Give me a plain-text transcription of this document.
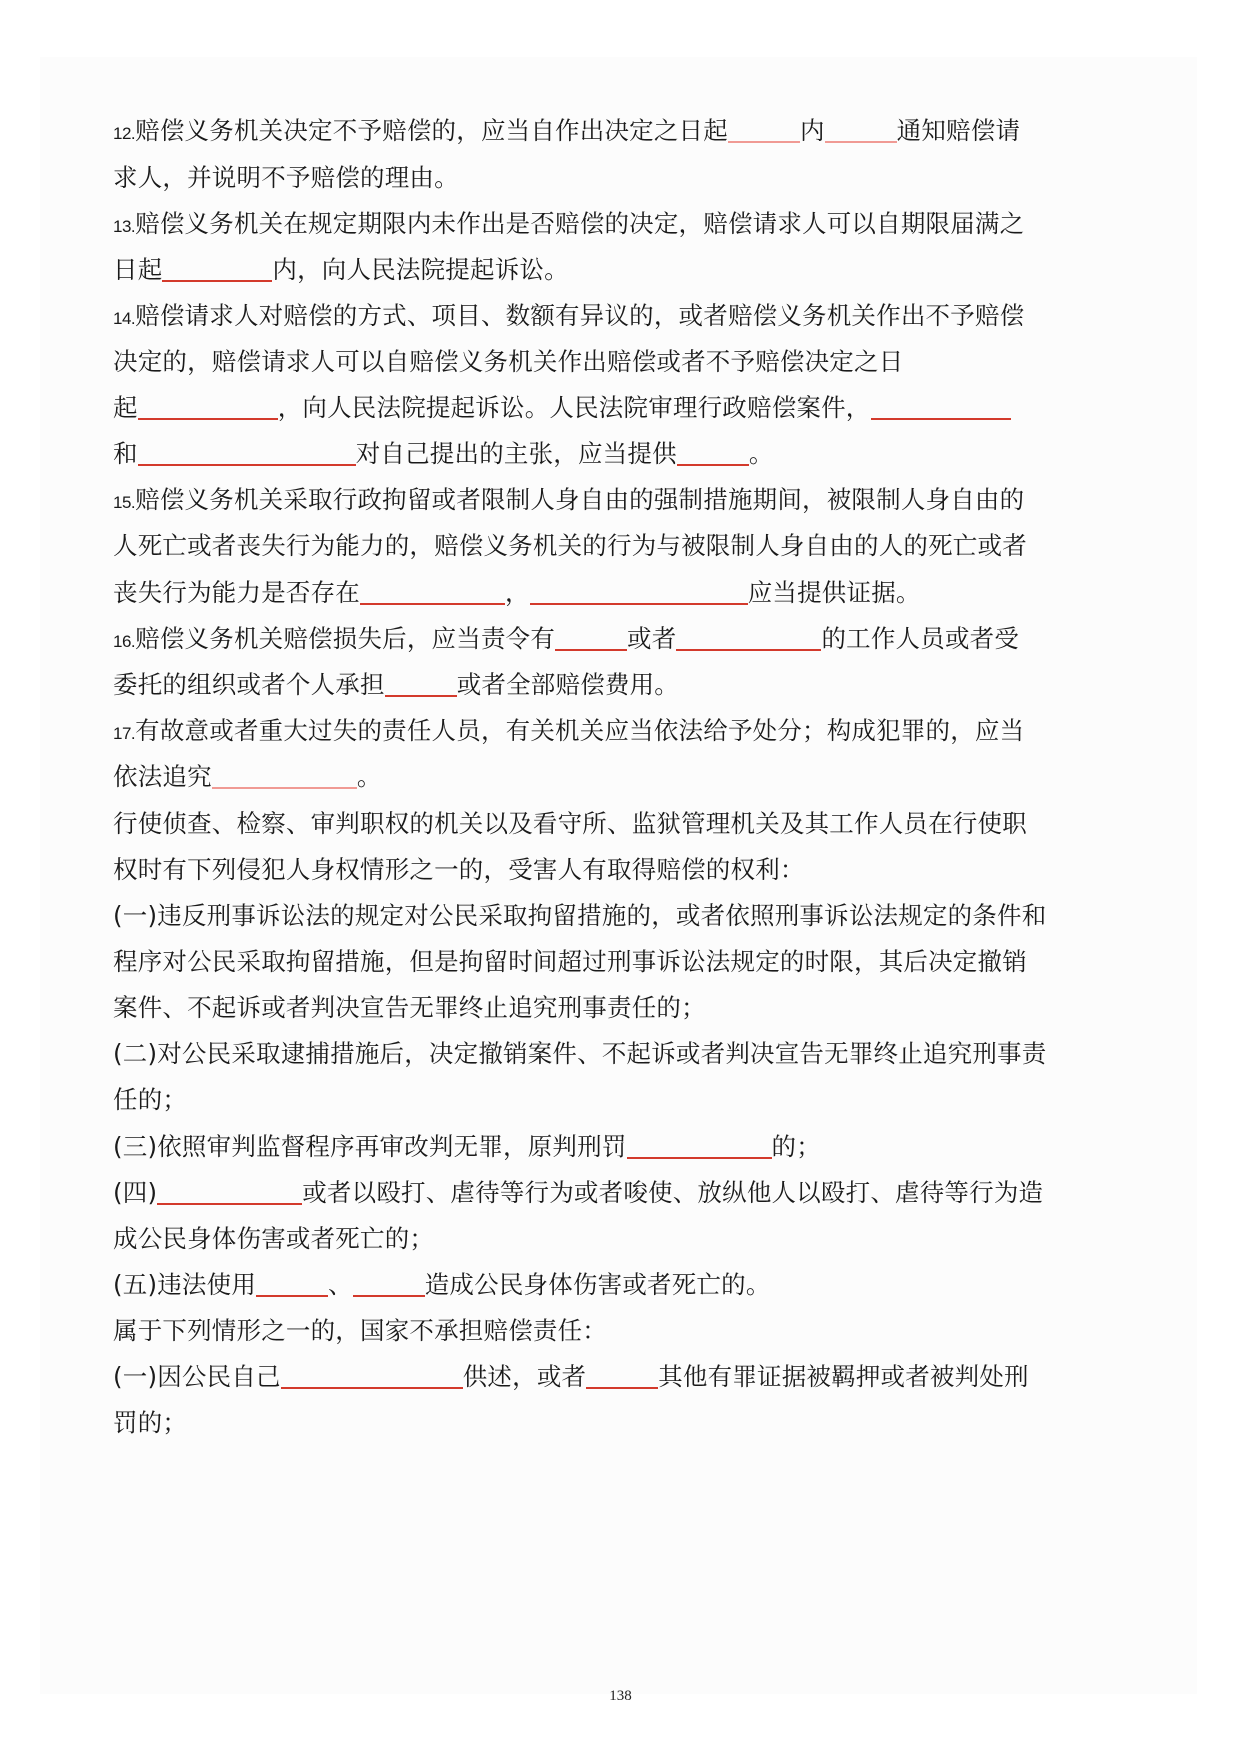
12.赔偿义务机关决定不予赔偿的，应当自作出决定之日起	内	通知赔偿请
求人，并说明不予赔偿的理由。
13.赔偿义务机关在规定期限内未作出是否赔偿的决定，赔偿请求人可以自期限届满之
日起	内，向人民法院提起诉讼。
14.赔偿请求人对赔偿的方式、项目、数额有异议的，或者赔偿义务机关作出不予赔偿
决定的，赔偿请求人可以自赔偿义务机关作出赔偿或者不予赔偿决定之日
起	，向人民法院提起诉讼。人民法院审理行政赔偿案件，
和	对自己提出的主张，应当提供	。
15.赔偿义务机关采取行政拘留或者限制人身自由的强制措施期间，被限制人身自由的
人死亡或者丧失行为能力的，赔偿义务机关的行为与被限制人身自由的人的死亡或者
丧失行为能力是否存在	，	应当提供证据。
16.赔偿义务机关赔偿损失后，应当责令有	或者	的工作人员或者受
委托的组织或者个人承担	或者全部赔偿费用。
17.有故意或者重大过失的责任人员，有关机关应当依法给予处分；构成犯罪的，应当
依法追究	。
行使侦查、检察、审判职权的机关以及看守所、监狱管理机关及其工作人员在行使职
权时有下列侵犯人身权情形之一的，受害人有取得赔偿的权利：
(一)违反刑事诉讼法的规定对公民采取拘留措施的，或者依照刑事诉讼法规定的条件和
程序对公民采取拘留措施，但是拘留时间超过刑事诉讼法规定的时限，其后决定撤销
案件、不起诉或者判决宣告无罪终止追究刑事责任的；
(二)对公民采取逮捕措施后，决定撤销案件、不起诉或者判决宣告无罪终止追究刑事责
任的；
(三)依照审判监督程序再审改判无罪，原判刑罚	的；
(四)	或者以殴打、虐待等行为或者唆使、放纵他人以殴打、虐待等行为造
成公民身体伤害或者死亡的；
(五)违法使用	、	造成公民身体伤害或者死亡的。
属于下列情形之一的，国家不承担赔偿责任：
(一)因公民自己	供述，或者	其他有罪证据被羁押或者被判处刑
罚的；
138
